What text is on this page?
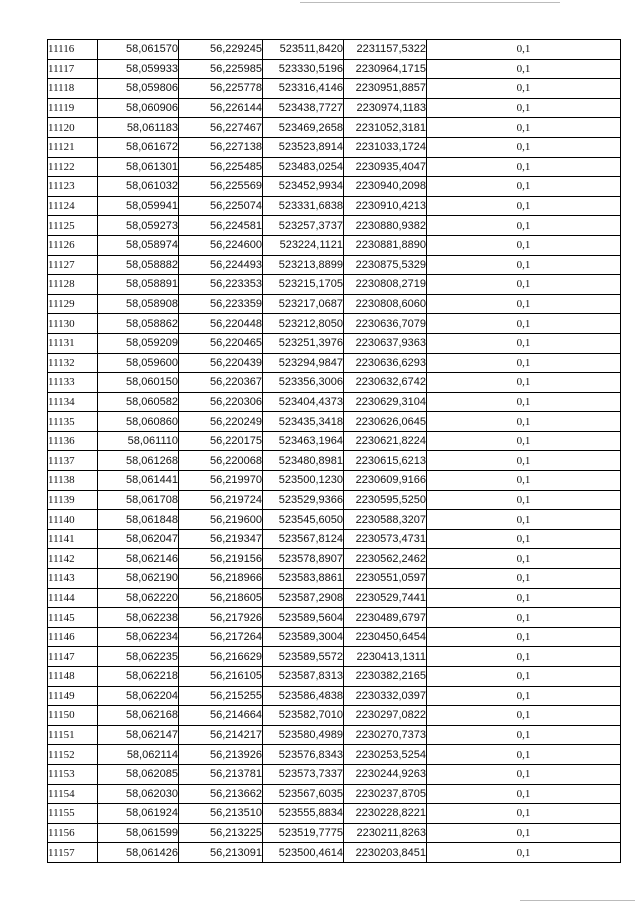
11116	58,061570	56,229245	523511,8420	2231157,5322	0,1
11117	58,059933	56,225985	523330,5196	2230964,1715	0,1
11118	58,059806	56,225778	523316,4146	2230951,8857	0,1
11119	58,060906	56,226144	523438,7727	2230974,1183	0,1
11120	58,061183	56,227467	523469,2658	2231052,3181	0,1
11121	58,061672	56,227138	523523,8914	2231033,1724	0,1
11122	58,061301	56,225485	523483,0254	2230935,4047	0,1
11123	58,061032	56,225569	523452,9934	2230940,2098	0,1
11124	58,059941	56,225074	523331,6838	2230910,4213	0,1
11125	58,059273	56,224581	523257,3737	2230880,9382	0,1
11126	58,058974	56,224600	523224,1121	2230881,8890	0,1
11127	58,058882	56,224493	523213,8899	2230875,5329	0,1
11128	58,058891	56,223353	523215,1705	2230808,2719	0,1
11129	58,058908	56,223359	523217,0687	2230808,6060	0,1
11130	58,058862	56,220448	523212,8050	2230636,7079	0,1
11131	58,059209	56,220465	523251,3976	2230637,9363	0,1
11132	58,059600	56,220439	523294,9847	2230636,6293	0,1
11133	58,060150	56,220367	523356,3006	2230632,6742	0,1
11134	58,060582	56,220306	523404,4373	2230629,3104	0,1
11135	58,060860	56,220249	523435,3418	2230626,0645	0,1
11136	58,061110	56,220175	523463,1964	2230621,8224	0,1
11137	58,061268	56,220068	523480,8981	2230615,6213	0,1
11138	58,061441	56,219970	523500,1230	2230609,9166	0,1
11139	58,061708	56,219724	523529,9366	2230595,5250	0,1
11140	58,061848	56,219600	523545,6050	2230588,3207	0,1
11141	58,062047	56,219347	523567,8124	2230573,4731	0,1
11142	58,062146	56,219156	523578,8907	2230562,2462	0,1
11143	58,062190	56,218966	523583,8861	2230551,0597	0,1
11144	58,062220	56,218605	523587,2908	2230529,7441	0,1
11145	58,062238	56,217926	523589,5604	2230489,6797	0,1
11146	58,062234	56,217264	523589,3004	2230450,6454	0,1
11147	58,062235	56,216629	523589,5572	2230413,1311	0,1
11148	58,062218	56,216105	523587,8313	2230382,2165	0,1
11149	58,062204	56,215255	523586,4838	2230332,0397	0,1
11150	58,062168	56,214664	523582,7010	2230297,0822	0,1
11151	58,062147	56,214217	523580,4989	2230270,7373	0,1
11152	58,062114	56,213926	523576,8343	2230253,5254	0,1
11153	58,062085	56,213781	523573,7337	2230244,9263	0,1
11154	58,062030	56,213662	523567,6035	2230237,8705	0,1
11155	58,061924	56,213510	523555,8834	2230228,8221	0,1
11156	58,061599	56,213225	523519,7775	2230211,8263	0,1
11157	58,061426	56,213091	523500,4614	2230203,8451	0,1
